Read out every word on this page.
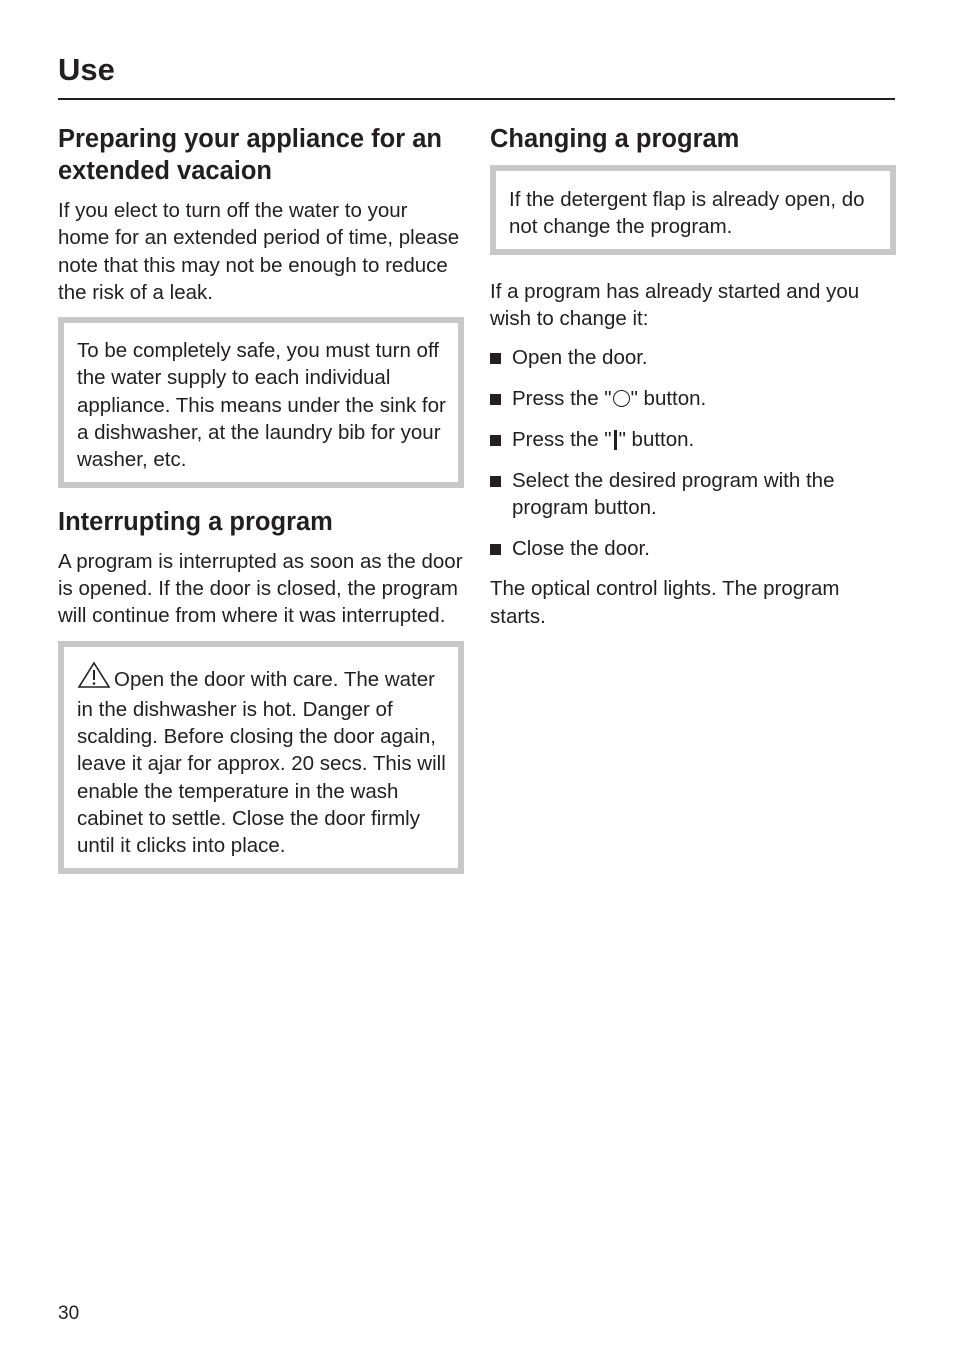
Use
Preparing your appliance for an extended vacaion

If you elect to turn off the water to your home for an extended period of time, please note that this may not be enough to reduce the risk of a leak.

To be completely safe, you must turn off the water supply to each individual appliance. This means under the sink for a dishwasher, at the laundry bib for your washer, etc.

Interrupting a program

A program is interrupted as soon as the door is opened. If the door is closed, the program will continue from where it was interrupted.

Open the door with care. The water in the dishwasher is hot. Danger of scalding. Before closing the door again, leave it ajar for approx. 20 secs. This will enable the temperature in the wash cabinet to settle. Close the door firmly until it clicks into place.

Changing a program

If the detergent flap is already open, do not change the program.

If a program has already started and you wish to change it:

Open the door.
Press the " " button.
Press the " " button.
Select the desired program with the program button.
Close the door.

The optical control lights. The program starts.

30
